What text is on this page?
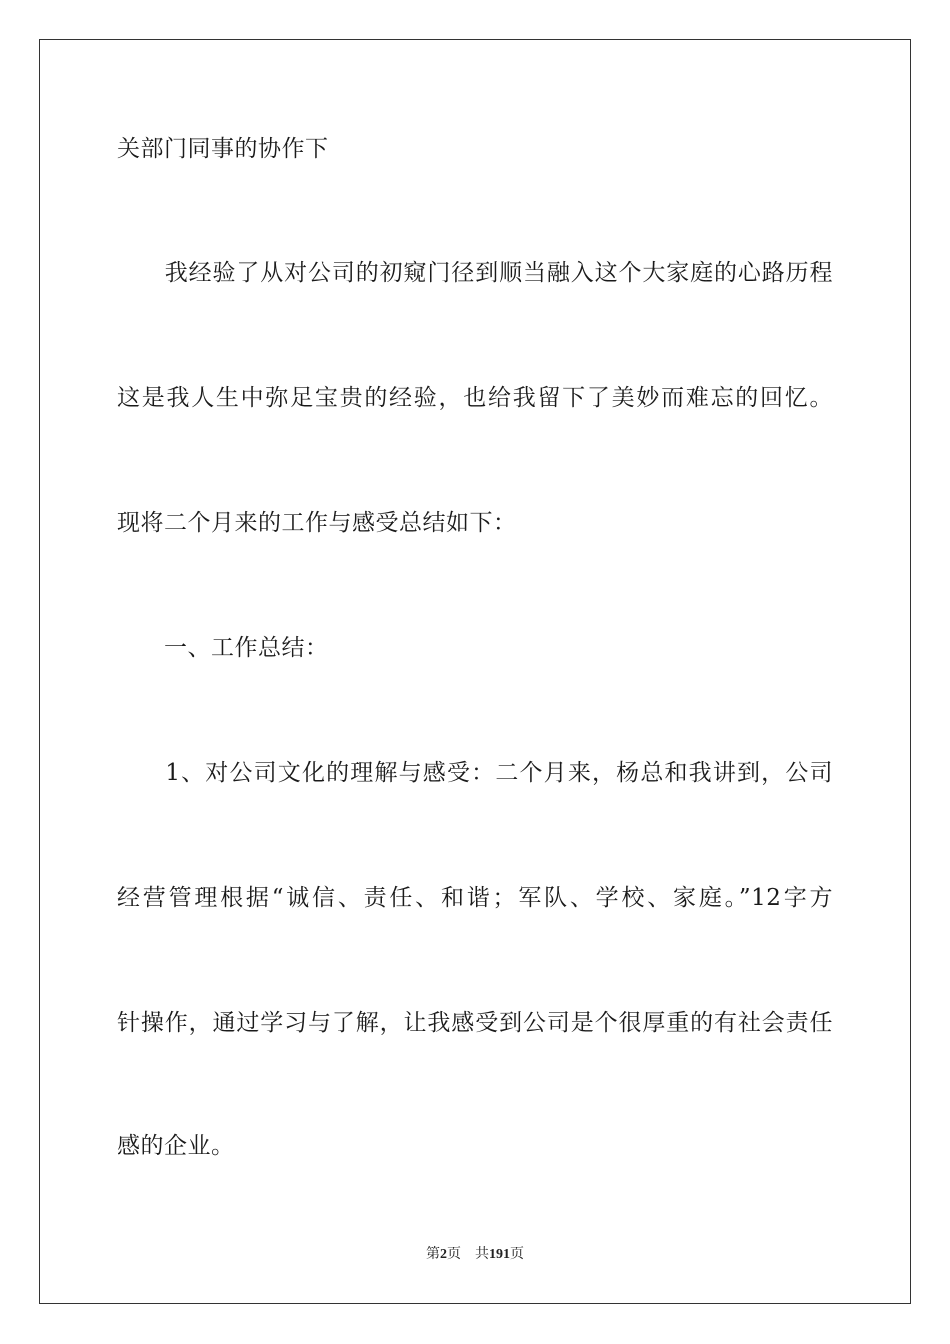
关部门同事的协作下
　　我经验了从对公司的初窥门径到顺当融入这个大家庭的心路历程
这是我人生中弥足宝贵的经验，也给我留下了美妙而难忘的回忆。
现将二个月来的工作与感受总结如下：
　　一、工作总结：
　　1、对公司文化的理解与感受：二个月来，杨总和我讲到，公司
经营管理根据“诚信、责任、和谐；军队、学校、家庭。”12字方
针操作，通过学习与了解，让我感受到公司是个很厚重的有社会责任
感的企业。
第2页 共191页
